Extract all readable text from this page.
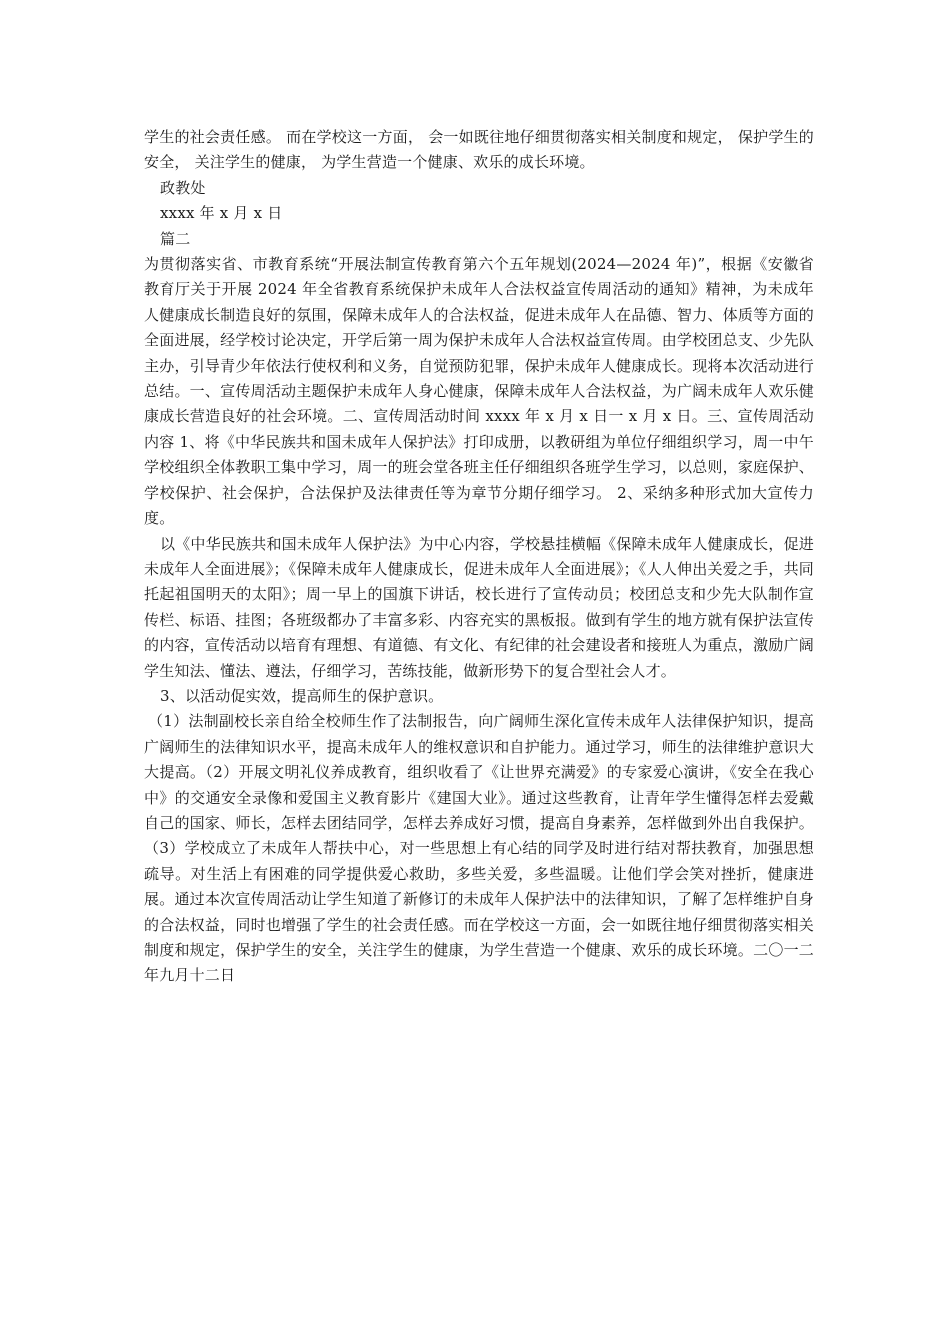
学生的社会责任感。 而在学校这一方面， 会一如既往地仔细贯彻落实相关制度和规定， 保护学生的安全， 关注学生的健康， 为学生营造一个健康、欢乐的成长环境。

政教处

xxxx 年 x 月 x 日

篇二

为贯彻落实省、市教育系统“开展法制宣传教育第六个五年规划(2024—2024 年)”，根据《安徽省教育厅关于开展 2024 年全省教育系统保护未成年人合法权益宣传周活动的通知》精神，为未成年人健康成长制造良好的氛围，保障未成年人的合法权益，促进未成年人在品德、智力、体质等方面的全面进展，经学校讨论决定，开学后第一周为保护未成年人合法权益宣传周。由学校团总支、少先队主办，引导青少年依法行使权利和义务，自觉预防犯罪，保护未成年人健康成长。现将本次活动进行总结。一、宣传周活动主题保护未成年人身心健康，保障未成年人合法权益，为广阔未成年人欢乐健康成长营造良好的社会环境。二、宣传周活动时间 xxxx 年 x 月 x 日一 x 月 x 日。三、宣传周活动内容 1、将《中华民族共和国未成年人保护法》打印成册，以教研组为单位仔细组织学习，周一中午学校组织全体教职工集中学习，周一的班会堂各班主任仔细组织各班学生学习，以总则，家庭保护、学校保护、社会保护，合法保护及法律责任等为章节分期仔细学习。 2、采纳多种形式加大宣传力度。

以《中华民族共和国未成年人保护法》为中心内容，学校悬挂横幅《保障未成年人健康成长，促进未成年人全面进展》；《保障未成年人健康成长，促进未成年人全面进展》；《人人伸出关爱之手，共同托起祖国明天的太阳》；周一早上的国旗下讲话，校长进行了宣传动员；校团总支和少先大队制作宣传栏、标语、挂图；各班级都办了丰富多彩、内容充实的黑板报。做到有学生的地方就有保护法宣传的内容，宣传活动以培育有理想、有道德、有文化、有纪律的社会建设者和接班人为重点，激励广阔学生知法、懂法、遵法，仔细学习，苦练技能，做新形势下的复合型社会人才。

3、以活动促实效，提高师生的保护意识。

（1）法制副校长亲自给全校师生作了法制报告，向广阔师生深化宣传未成年人法律保护知识，提高广阔师生的法律知识水平，提高未成年人的维权意识和自护能力。通过学习，师生的法律维护意识大大提高。（2）开展文明礼仪养成教育，组织收看了《让世界充满爱》的专家爱心演讲，《安全在我心中》的交通安全录像和爱国主义教育影片《建国大业》。通过这些教育，让青年学生懂得怎样去爱戴自己的国家、师长，怎样去团结同学，怎样去养成好习惯，提高自身素养，怎样做到外出自我保护。（3）学校成立了未成年人帮扶中心，对一些思想上有心结的同学及时进行结对帮扶教育，加强思想疏导。对生活上有困难的同学提供爱心救助，多些关爱，多些温暖。让他们学会笑对挫折，健康进展。通过本次宣传周活动让学生知道了新修订的未成年人保护法中的法律知识，了解了怎样维护自身的合法权益，同时也增强了学生的社会责任感。而在学校这一方面，会一如既往地仔细贯彻落实相关制度和规定，保护学生的安全，关注学生的健康，为学生营造一个健康、欢乐的成长环境。二〇一二年九月十二日
